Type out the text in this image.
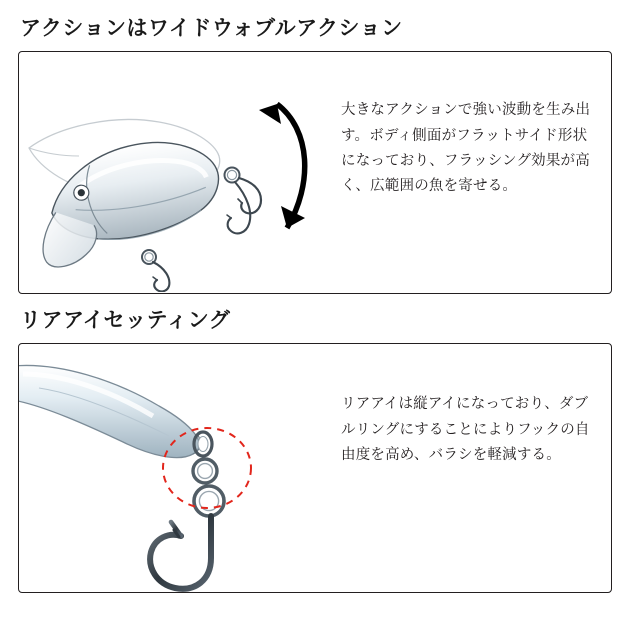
アクションはワイドウォブルアクション

大きなアクションで強い波動を生み出す。ボディ側面がフラットサイド形状になっており、フラッシング効果が高く、広範囲の魚を寄せる。

リアアイセッティング

リアアイは縦アイになっており、ダブルリングにすることによりフックの自由度を高め、バラシを軽減する。
